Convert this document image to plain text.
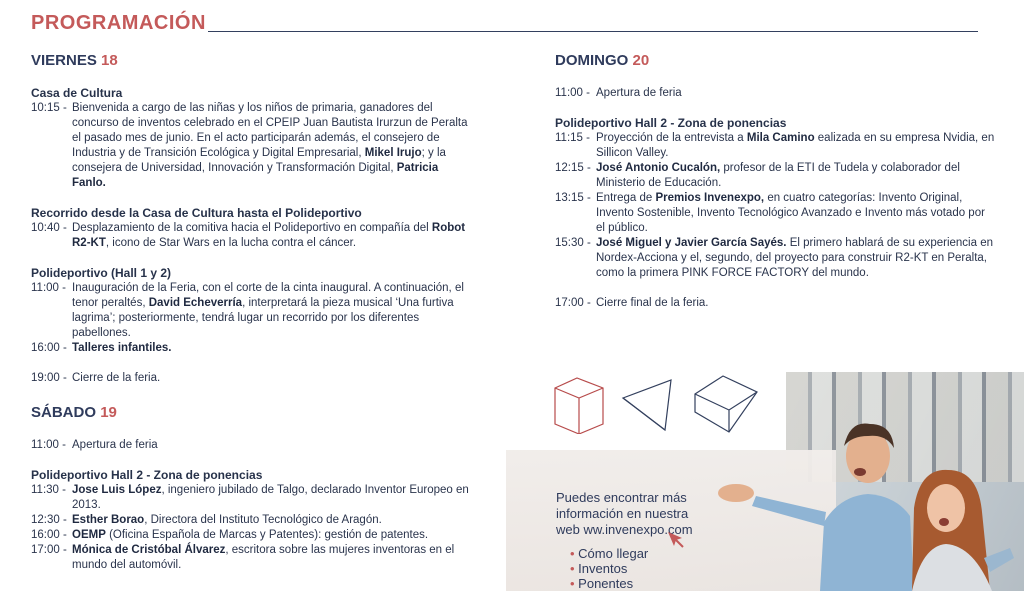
PROGRAMACIÓN
VIERNES 18
Casa de Cultura
10:15 - Bienvenida a cargo de las niñas y los niños de primaria, ganadores del concurso de inventos celebrado en el CPEIP Juan Bautista Irurzun de Peralta el pasado mes de junio. En el acto participarán además, el consejero de Industria y de Transición Ecológica y Digital Empresarial, Mikel Irujo; y la consejera de Universidad, Innovación y Transformación Digital, Patricia Fanlo.
Recorrido desde la Casa de Cultura hasta el Polideportivo
10:40 - Desplazamiento de la comitiva hacia el Polideportivo en compañía del Robot R2-KT, icono de Star Wars en la lucha contra el cáncer.
Polideportivo (Hall 1 y 2)
11:00 - Inauguración de la Feria, con el corte de la cinta inaugural. A continuación, el tenor peraltés, David Echeverría, interpretará la pieza musical ‘Una furtiva lagrima’; posteriormente, tendrá lugar un recorrido por los diferentes pabellones.
16:00 - Talleres infantiles.
19:00 - Cierre de la feria.
SÁBADO 19
11:00 - Apertura de feria
Polideportivo Hall 2 - Zona de ponencias
11:30 - Jose Luis López, ingeniero jubilado de Talgo, declarado Inventor Europeo en 2013.
12:30 - Esther Borao, Directora del Instituto Tecnológico de Aragón.
16:00 - OEMP (Oficina Española de Marcas y Patentes): gestión de patentes.
17:00 - Mónica de Cristóbal Álvarez, escritora sobre las mujeres inventoras en el mundo del automóvil.
DOMINGO 20
11:00 - Apertura de feria
Polideportivo Hall 2 - Zona de ponencias
11:15 - Proyección de la entrevista a Mila Camino ealizada en su empresa Nvidia, en Sillicon Valley.
12:15 - José Antonio Cucalón, profesor de la ETI de Tudela y colaborador del Ministerio de Educación.
13:15 - Entrega de Premios Invenexpo, en cuatro categorías: Invento Original, Invento Sostenible, Invento Tecnológico Avanzado e Invento más votado por el público.
15:30 - José Miguel y Javier García Sayés. El primero hablará de su experiencia en Nordex-Acciona y el, segundo, del proyecto para construir R2-KT en Peralta, como la primera PINK FORCE FACTORY del mundo.
17:00 - Cierre final de la feria.
Puedes encontrar más
información en nuestra
web ww.invenexpo.com
• Cómo llegar
• Inventos
• Ponentes
